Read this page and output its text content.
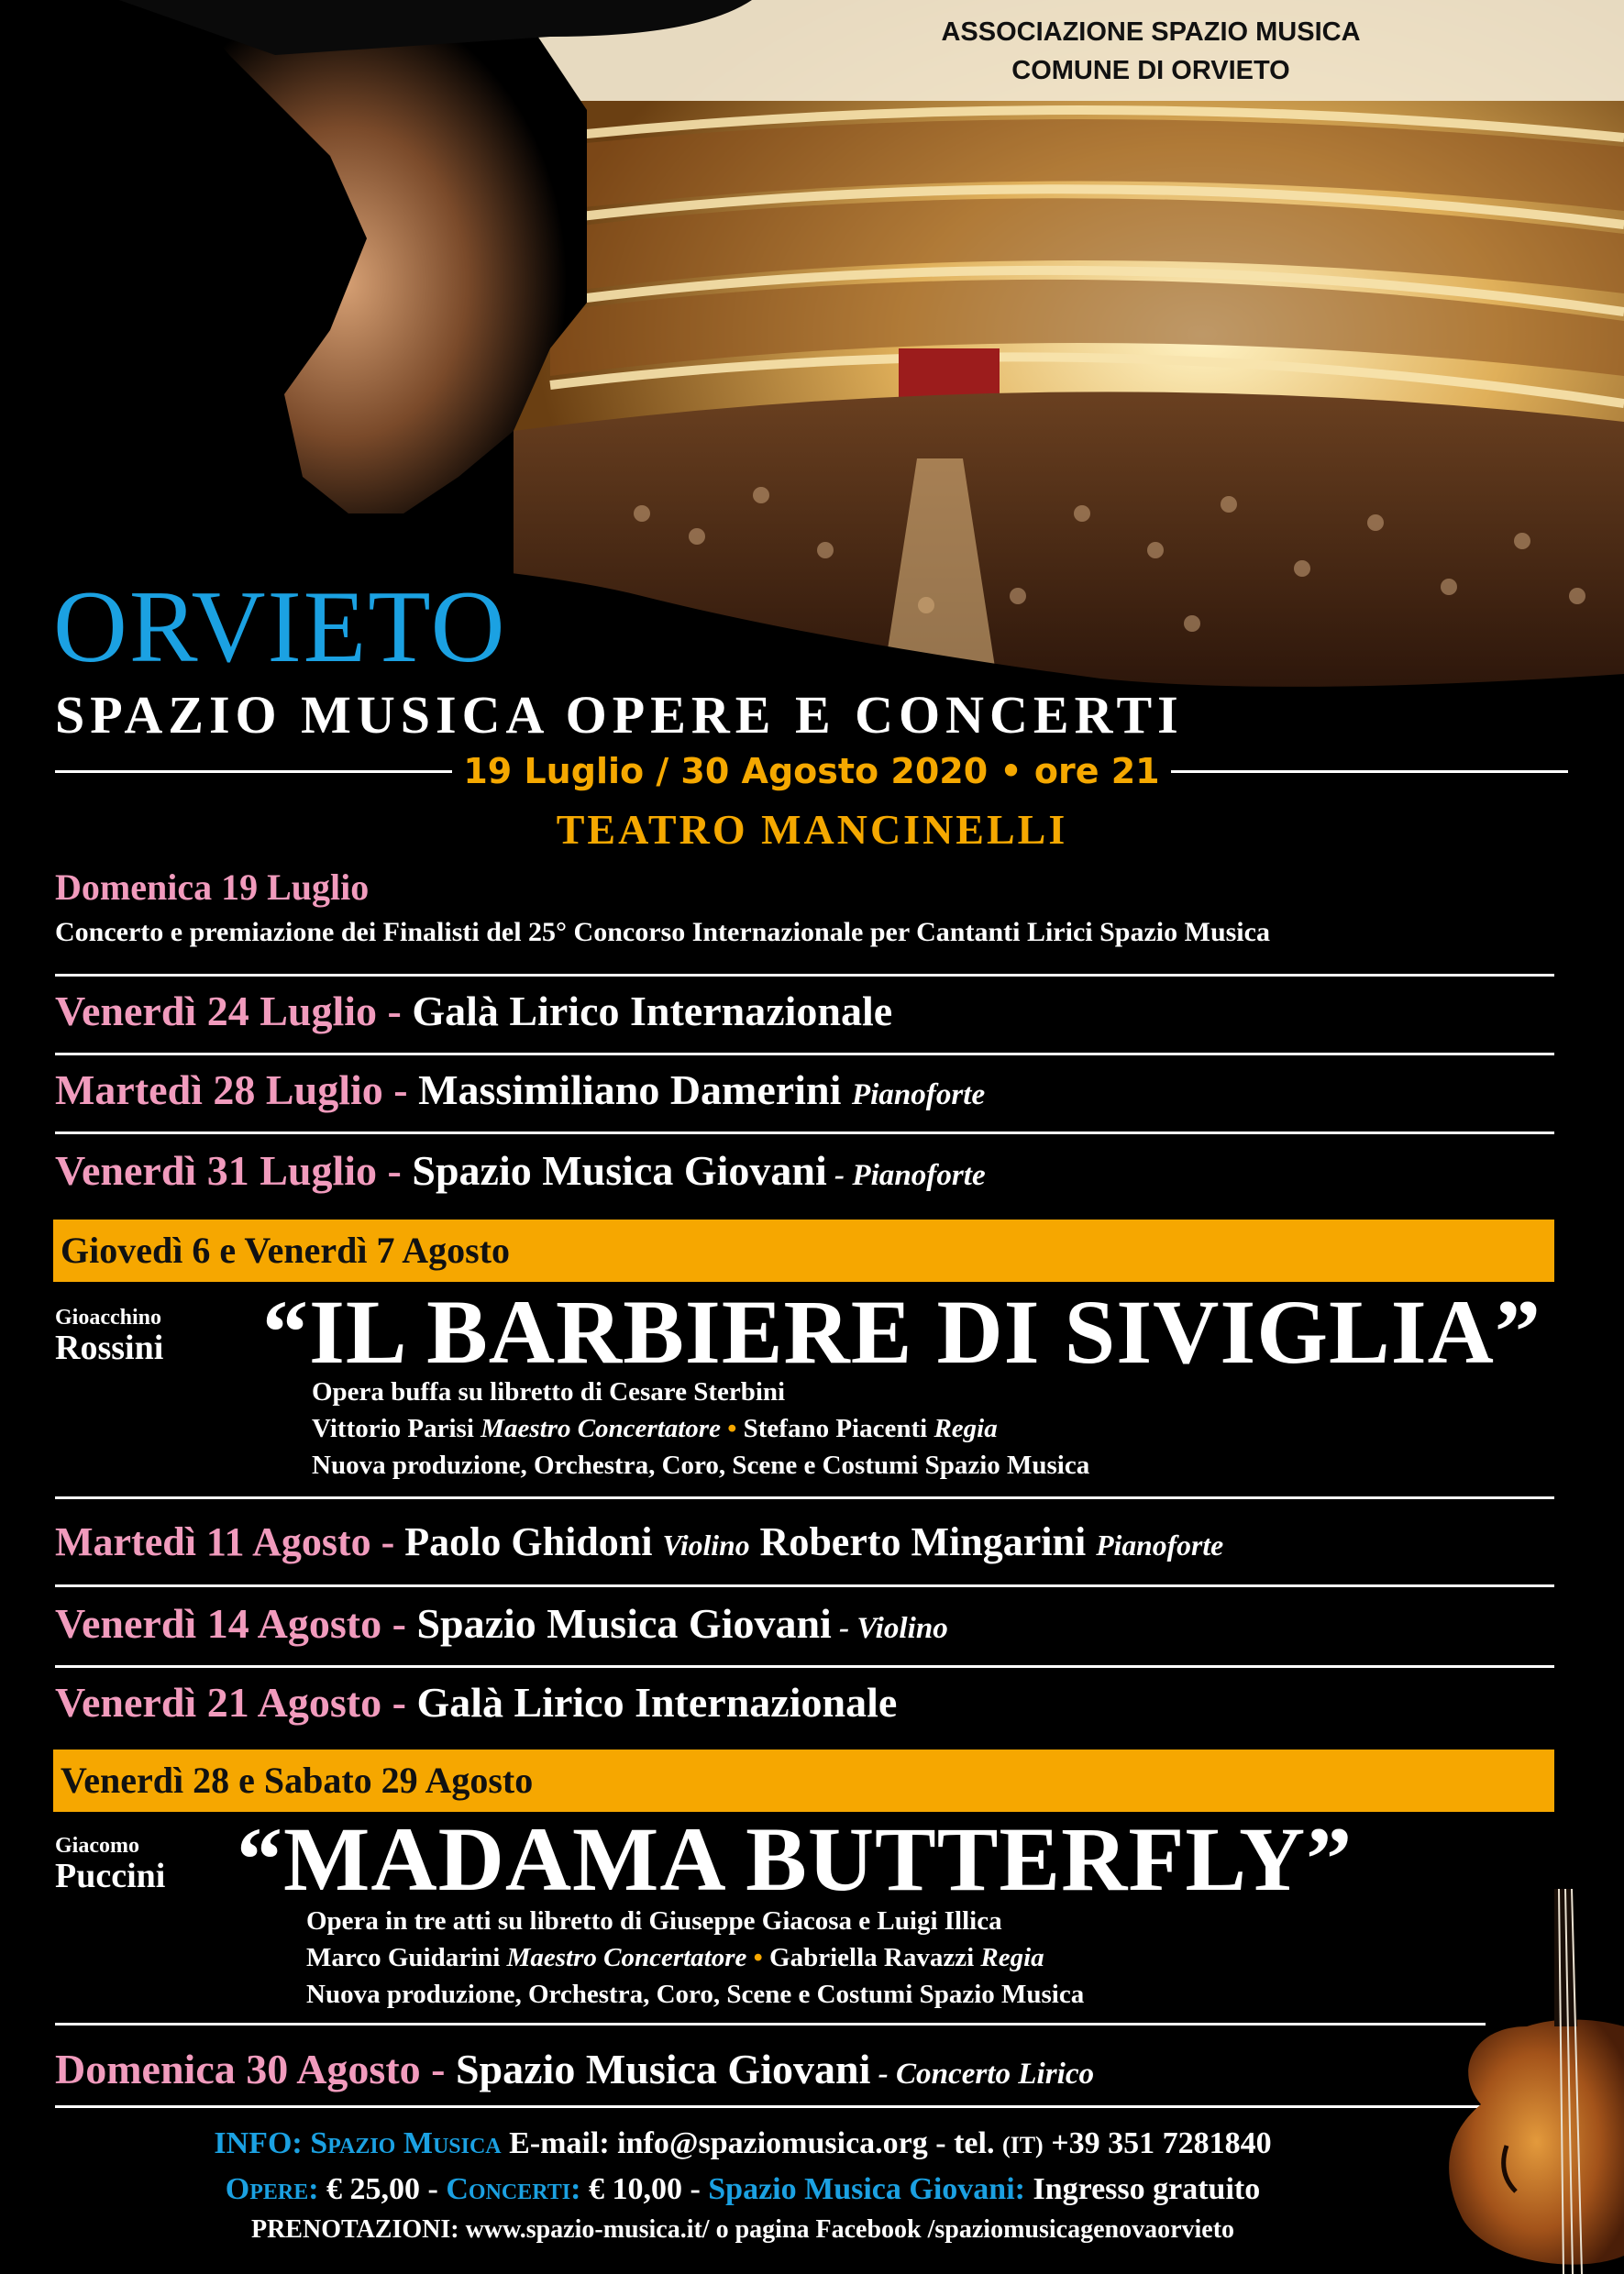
ASSOCIAZIONE SPAZIO MUSICA
COMUNE DI ORVIETO
ORVIETO
SPAZIO MUSICA OPERE E CONCERTI
19 Luglio / 30 Agosto 2020 • ore 21
TEATRO MANCINELLI
Domenica 19 Luglio
Concerto e premiazione dei Finalisti del 25° Concorso Internazionale per Cantanti Lirici Spazio Musica
Venerdì 24 Luglio - Galà Lirico Internazionale
Martedì 28 Luglio - Massimiliano Damerini Pianoforte
Venerdì 31 Luglio - Spazio Musica Giovani - Pianoforte
Giovedì 6 e Venerdì 7 Agosto
Gioacchino
Rossini “IL BARBIERE DI SIVIGLIA”
Opera buffa su libretto di Cesare Sterbini
Vittorio Parisi Maestro Concertatore • Stefano Piacenti Regia
Nuova produzione, Orchestra, Coro, Scene e Costumi Spazio Musica
Martedì 11 Agosto - Paolo Ghidoni Violino Roberto Mingarini Pianoforte
Venerdì 14 Agosto - Spazio Musica Giovani - Violino
Venerdì 21 Agosto - Galà Lirico Internazionale
Venerdì 28 e Sabato 29 Agosto
Giacomo
Puccini “MADAMA BUTTERFLY”
Opera in tre atti su libretto di Giuseppe Giacosa e Luigi Illica
Marco Guidarini Maestro Concertatore • Gabriella Ravazzi Regia
Nuova produzione, Orchestra, Coro, Scene e Costumi Spazio Musica
Domenica 30 Agosto - Spazio Musica Giovani - Concerto Lirico
INFO: Spazio Musica E-mail: info@spaziomusica.org - tel. (IT) +39 351 7281840
Opere: € 25,00 - Concerti: € 10,00 - Spazio Musica Giovani: Ingresso gratuito
PRENOTAZIONI: www.spazio-musica.it/ o pagina Facebook /spaziomusicagenovaorvieto
